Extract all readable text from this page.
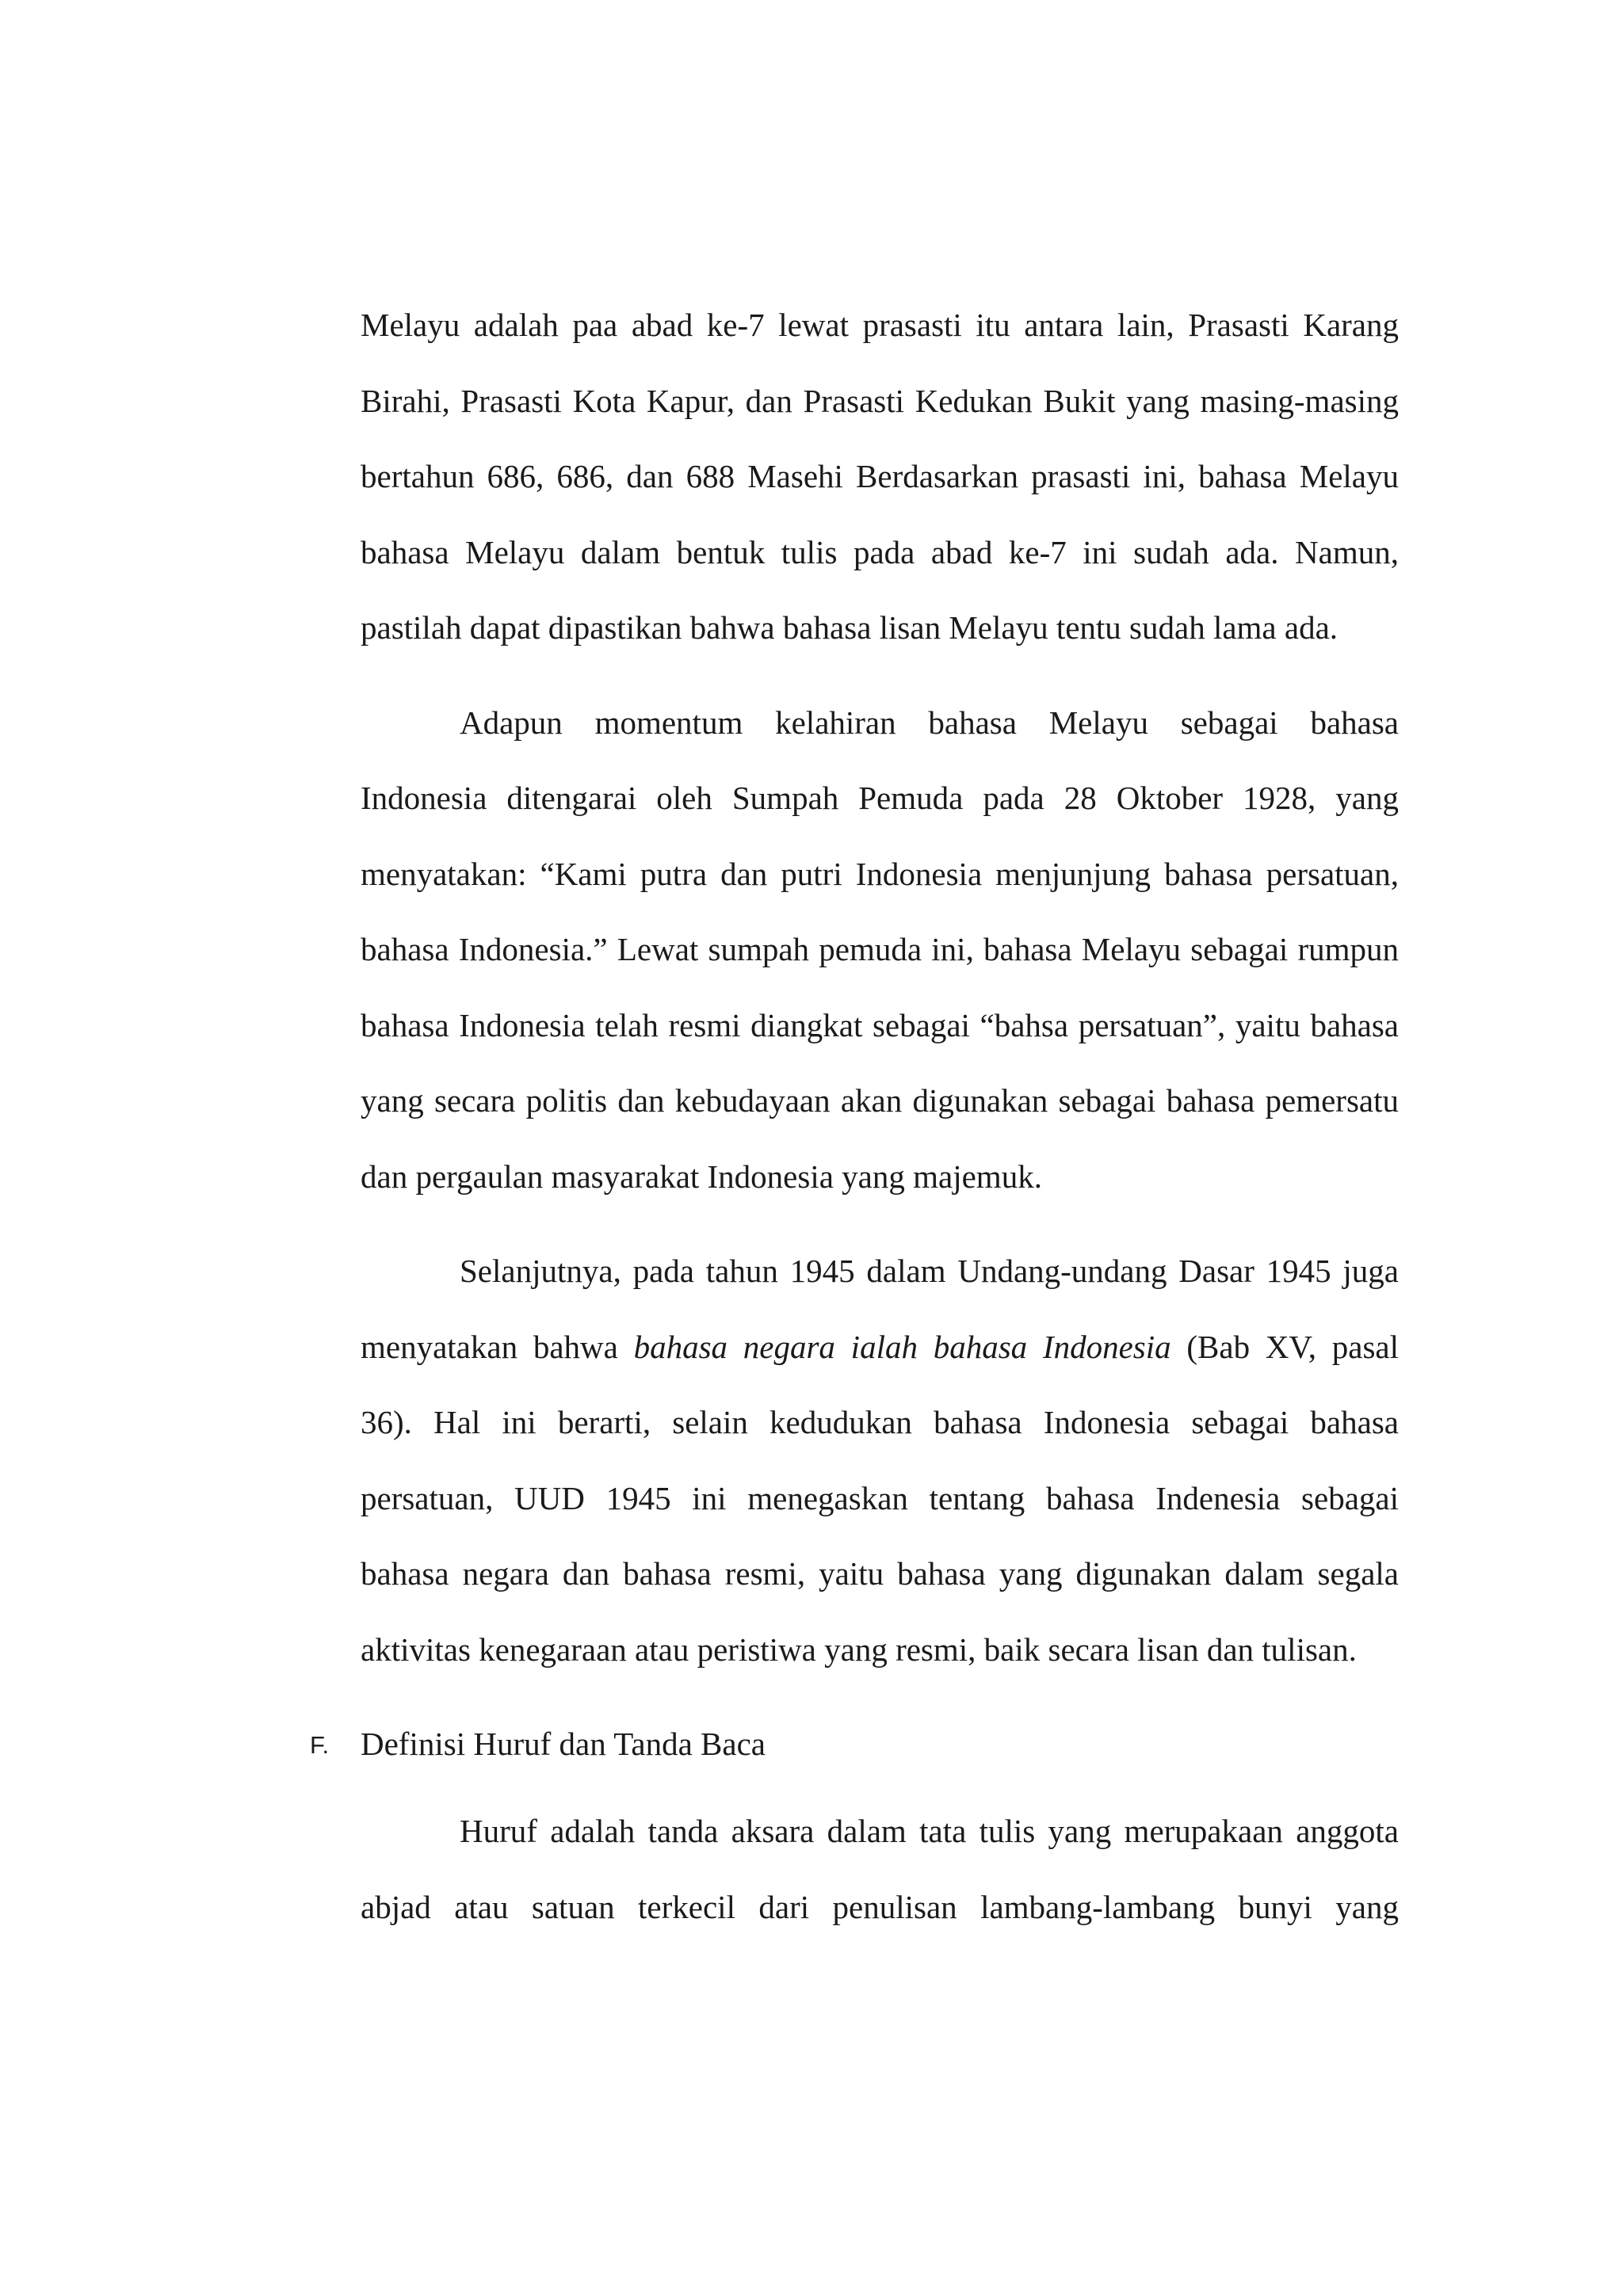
Melayu adalah paa abad ke-7 lewat prasasti itu antara lain, Prasasti Karang
Birahi, Prasasti Kota Kapur, dan Prasasti Kedukan Bukit yang masing-masing
bertahun 686, 686, dan 688 Masehi Berdasarkan prasasti ini, bahasa Melayu
bahasa Melayu dalam bentuk tulis pada abad ke-7 ini sudah ada. Namun,
pastilah dapat dipastikan bahwa bahasa lisan Melayu tentu sudah lama ada.
Adapun momentum kelahiran bahasa Melayu sebagai bahasa
Indonesia ditengarai oleh Sumpah Pemuda pada 28 Oktober 1928, yang
menyatakan: “Kami putra dan putri Indonesia menjunjung bahasa persatuan,
bahasa Indonesia.” Lewat sumpah pemuda ini, bahasa Melayu sebagai rumpun
bahasa Indonesia telah resmi diangkat sebagai “bahsa persatuan”, yaitu bahasa
yang secara politis dan kebudayaan akan digunakan sebagai bahasa pemersatu
dan pergaulan masyarakat Indonesia yang majemuk.
Selanjutnya, pada tahun 1945 dalam Undang-undang Dasar 1945 juga
menyatakan bahwa bahasa negara ialah bahasa Indonesia (Bab XV, pasal
36). Hal ini berarti, selain kedudukan bahasa Indonesia sebagai bahasa
persatuan, UUD 1945 ini menegaskan tentang bahasa Indenesia sebagai
bahasa negara dan bahasa resmi, yaitu bahasa yang digunakan dalam segala
aktivitas kenegaraan atau peristiwa yang resmi, baik secara lisan dan tulisan.
F. Definisi Huruf dan Tanda Baca
Huruf adalah tanda aksara dalam tata tulis yang merupakaan anggota
abjad atau satuan terkecil dari penulisan lambang-lambang bunyi yang
